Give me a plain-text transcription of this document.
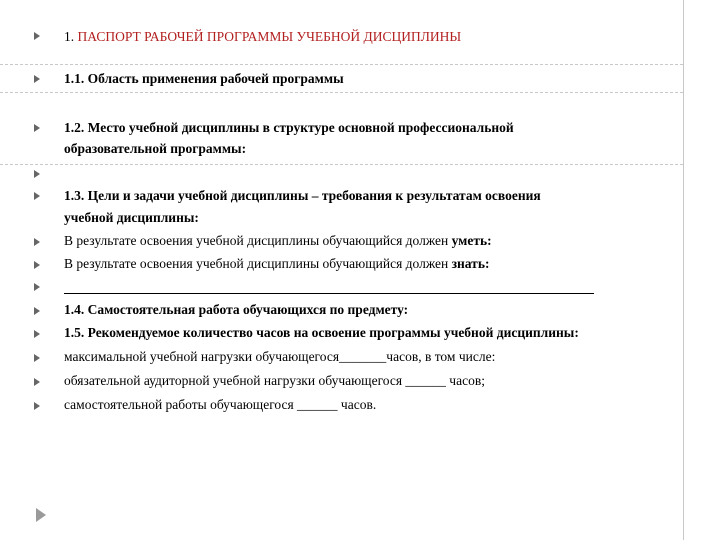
1. ПАСПОРТ РАБОЧЕЙ ПРОГРАММЫ УЧЕБНОЙ ДИСЦИПЛИНЫ
1.1. Область применения рабочей программы
1.2. Место учебной дисциплины в структуре основной профессиональной
образовательной программы:
1.3. Цели и задачи учебной дисциплины – требования к результатам освоения
учебной дисциплины:
В результате освоения учебной дисциплины обучающийся должен уметь:
В результате освоения учебной дисциплины обучающийся должен знать:
1.4. Самостоятельная работа обучающихся по предмету:
1.5. Рекомендуемое количество часов на освоение программы учебной дисциплины:
максимальной учебной нагрузки обучающегося_______часов, в том числе:
обязательной аудиторной учебной нагрузки обучающегося ______ часов;
самостоятельной работы обучающегося ______ часов.
